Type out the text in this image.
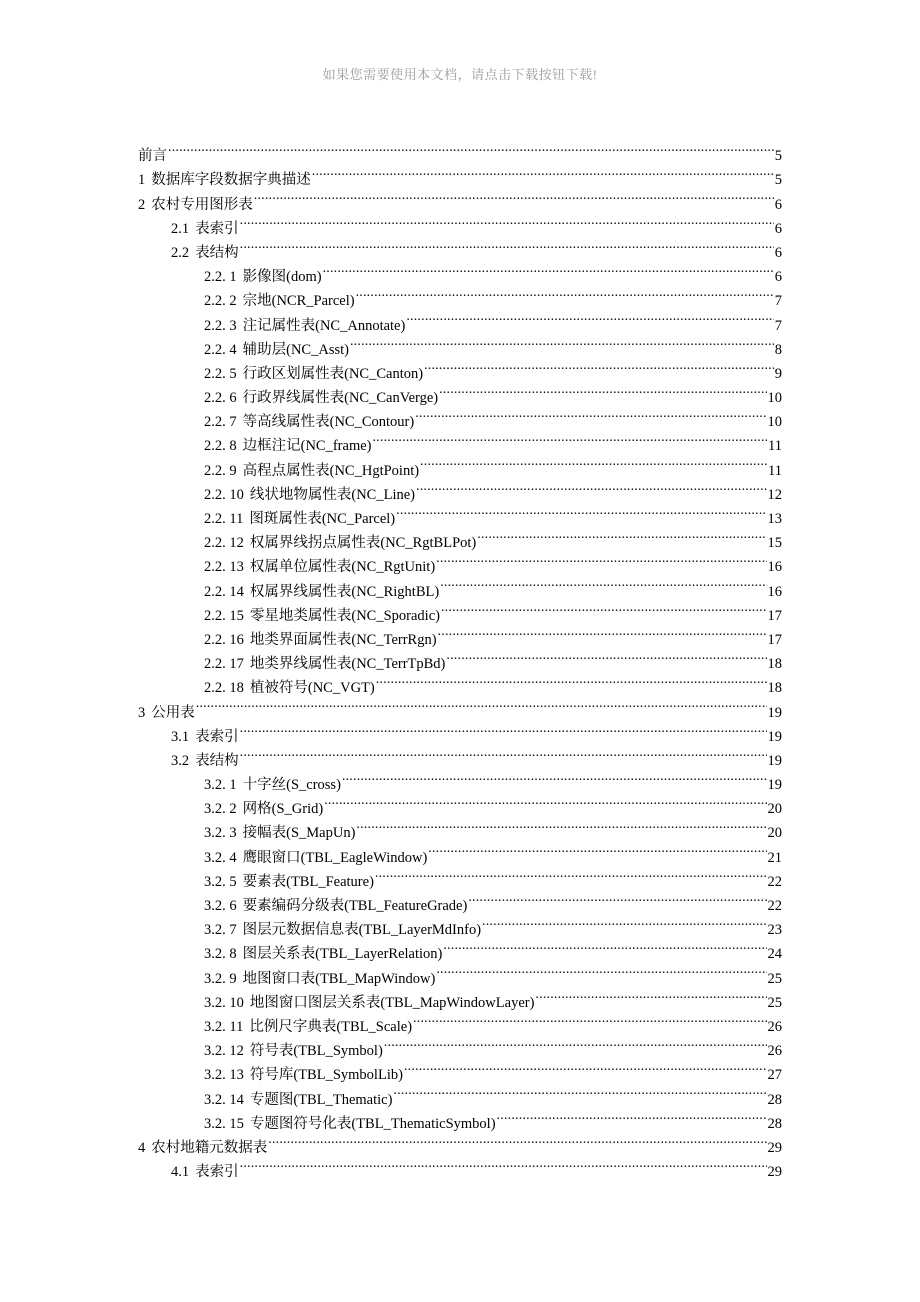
如果您需要使用本文档，请点击下载按钮下载!
前言 .....	5
1 数据库字段数据字典描述 .....	5
2 农村专用图形表 .....	6
2.1 表索引 .....	6
2.2 表结构 .....	6
2.2. 1 影像图(dom) .....	6
2.2. 2 宗地(NCR_Parcel) .....	7
2.2. 3 注记属性表(NC_Annotate) .....	7
2.2. 4 辅助层(NC_Asst) .....	8
2.2. 5 行政区划属性表(NC_Canton) .....	9
2.2. 6 行政界线属性表(NC_CanVerge) .....	10
2.2. 7 等高线属性表(NC_Contour) .....	10
2.2. 8 边框注记(NC_frame) .....	11
2.2. 9 高程点属性表(NC_HgtPoint) .....	11
2.2. 10 线状地物属性表(NC_Line) .....	12
2.2. 11 图斑属性表(NC_Parcel) .....	13
2.2. 12 权属界线拐点属性表(NC_RgtBLPot) .....	15
2.2. 13 权属单位属性表(NC_RgtUnit) .....	16
2.2. 14 权属界线属性表(NC_RightBL) .....	16
2.2. 15 零星地类属性表(NC_Sporadic) .....	17
2.2. 16 地类界面属性表(NC_TerrRgn) .....	17
2.2. 17 地类界线属性表(NC_TerrTpBd) .....	18
2.2. 18 植被符号(NC_VGT) .....	18
3 公用表 .....	19
3.1 表索引 .....	19
3.2 表结构 .....	19
3.2. 1 十字丝(S_cross) .....	19
3.2. 2 网格(S_Grid) .....	20
3.2. 3 接幅表(S_MapUn) .....	20
3.2. 4 鹰眼窗口(TBL_EagleWindow) .....	21
3.2. 5 要素表(TBL_Feature) .....	22
3.2. 6 要素编码分级表(TBL_FeatureGrade) .....	22
3.2. 7 图层元数据信息表(TBL_LayerMdInfo) .....	23
3.2. 8 图层关系表(TBL_LayerRelation) .....	24
3.2. 9 地图窗口表(TBL_MapWindow) .....	25
3.2. 10 地图窗口图层关系表(TBL_MapWindowLayer) .....	25
3.2. 11 比例尺字典表(TBL_Scale) .....	26
3.2. 12 符号表(TBL_Symbol) .....	26
3.2. 13 符号库(TBL_SymbolLib) .....	27
3.2. 14 专题图(TBL_Thematic) .....	28
3.2. 15 专题图符号化表(TBL_ThematicSymbol) .....	28
4 农村地籍元数据表 .....	29
4.1 表索引 .....	29
